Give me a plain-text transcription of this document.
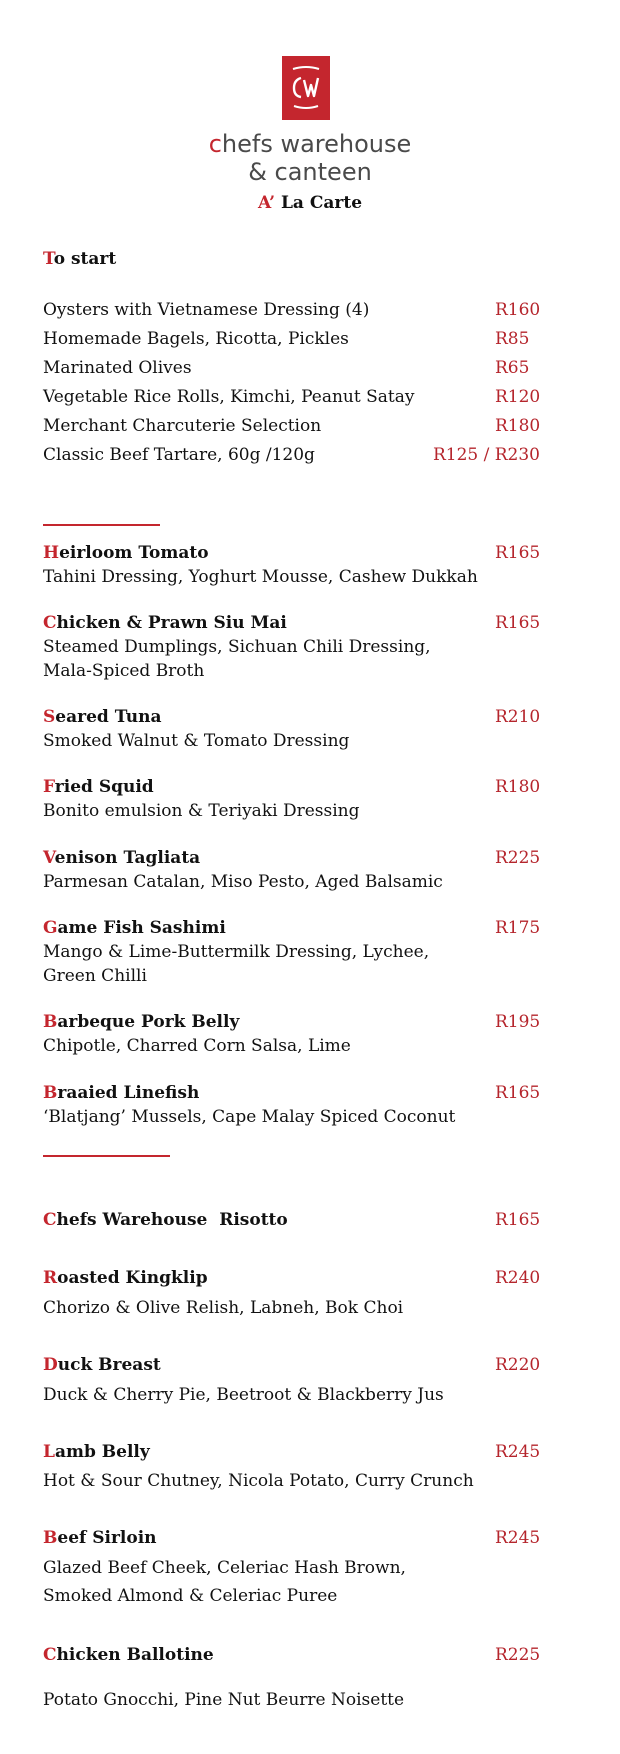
chefs warehouse
& canteen
A’ La Carte
To start
Oysters with Vietnamese Dressing (4)	R160
Homemade Bagels, Ricotta, Pickles	R85
Marinated Olives	R65
Vegetable Rice Rolls, Kimchi, Peanut Satay	R120
Merchant Charcuterie Selection	R180
Classic Beef Tartare, 60g /120g	R125 / R230
Heirloom Tomato	R165
Tahini Dressing, Yoghurt Mousse, Cashew Dukkah
Chicken & Prawn Siu Mai	R165
Steamed Dumplings, Sichuan Chili Dressing,
Mala-Spiced Broth
Seared Tuna	R210
Smoked Walnut & Tomato Dressing
Fried Squid	R180
Bonito emulsion & Teriyaki Dressing
Venison Tagliata	R225
Parmesan Catalan, Miso Pesto, Aged Balsamic
Game Fish Sashimi	R175
Mango & Lime-Buttermilk Dressing, Lychee,
Green Chilli
Barbeque Pork Belly	R195
Chipotle, Charred Corn Salsa, Lime
Braaied Linefish	R165
‘Blatjang’ Mussels, Cape Malay Spiced Coconut
Chefs Warehouse  Risotto	R165
Roasted Kingklip	R240
Chorizo & Olive Relish, Labneh, Bok Choi
Duck Breast	R220
Duck & Cherry Pie, Beetroot & Blackberry Jus
Lamb Belly	R245
Hot & Sour Chutney, Nicola Potato, Curry Crunch
Beef Sirloin	R245
Glazed Beef Cheek, Celeriac Hash Brown,
Smoked Almond & Celeriac Puree
Chicken Ballotine	R225
Potato Gnocchi, Pine Nut Beurre Noisette
